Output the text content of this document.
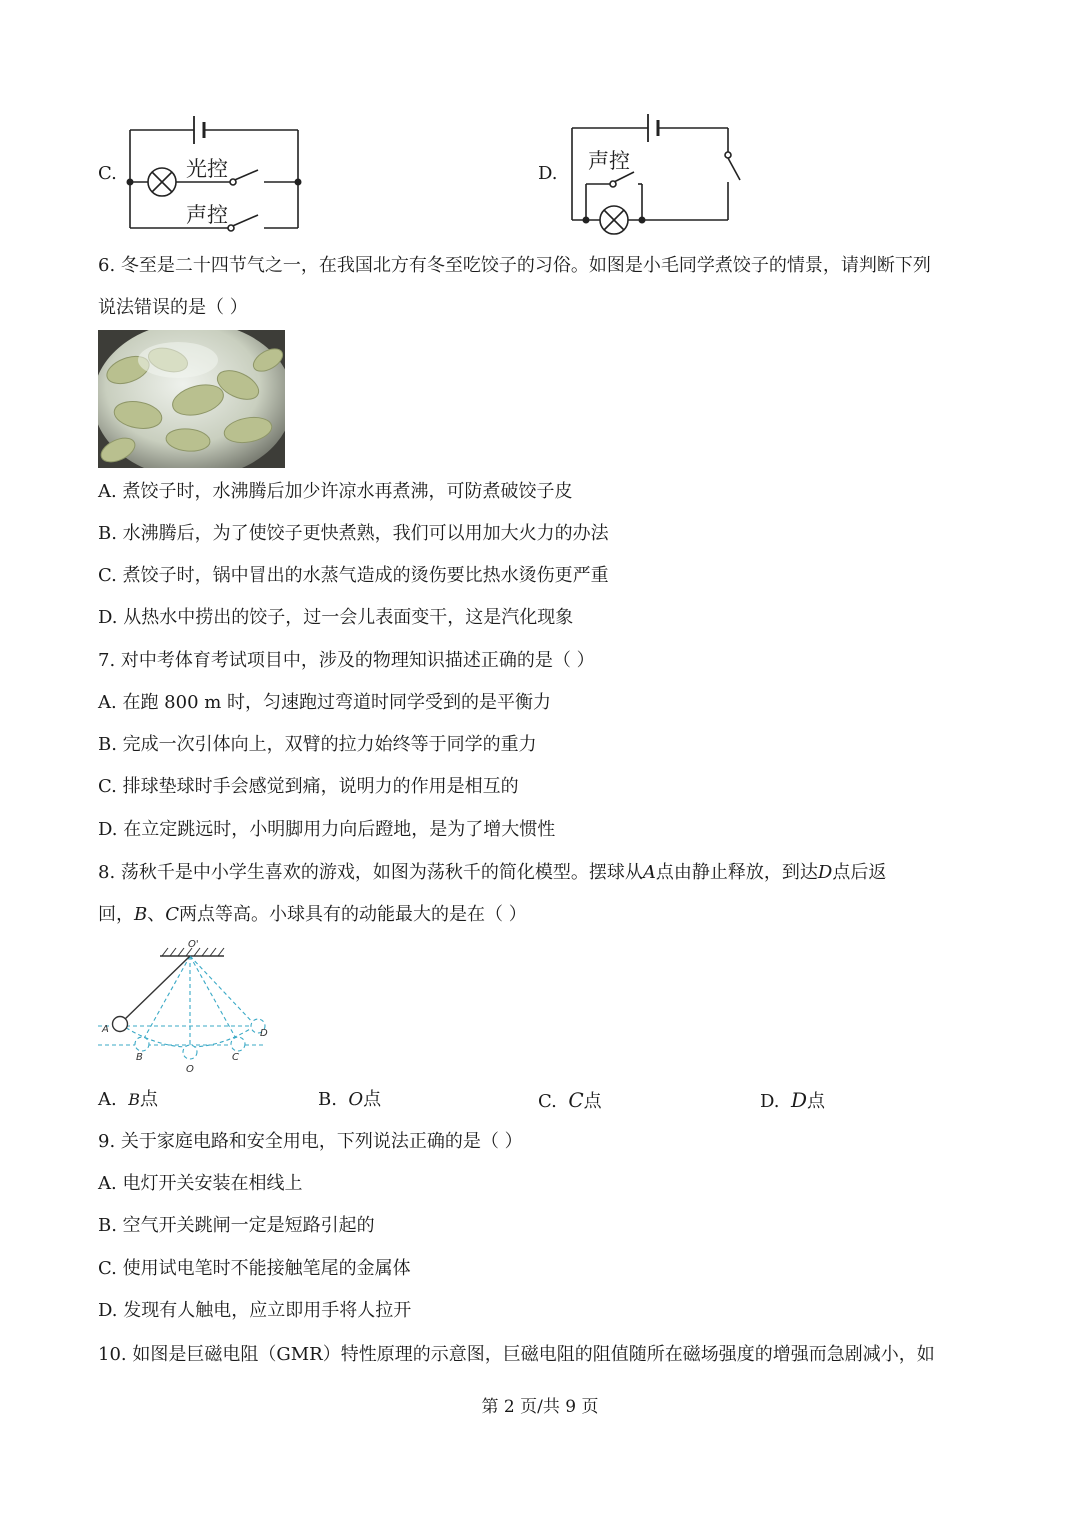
C.	光控
声控
D.
声控
6. 冬至是二十四节气之一，在我国北方有冬至吃饺子的习俗。如图是小毛同学煮饺子的情景，请判断下列
说法错误的是（ ）
A. 煮饺子时，水沸腾后加少许凉水再煮沸，可防煮破饺子皮
B. 水沸腾后，为了使饺子更快煮熟，我们可以用加大火力的办法
C. 煮饺子时，锅中冒出的水蒸气造成的烫伤要比热水烫伤更严重
D. 从热水中捞出的饺子，过一会儿表面变干，这是汽化现象
7. 对中考体育考试项目中，涉及的物理知识描述正确的是（ ）
A. 在跑 800 m 时，匀速跑过弯道时同学受到的是平衡力
B. 完成一次引体向上，双臂的拉力始终等于同学的重力
C. 排球垫球时手会感觉到痛，说明力的作用是相互的
D. 在立定跳远时，小明脚用力向后蹬地，是为了增大惯性
8. 荡秋千是中小学生喜欢的游戏，如图为荡秋千的简化模型。摆球从A点由静止释放，到达D点后返
回，B、C两点等高。小球具有的动能最大的是在（ ）
O'
A
B
O
C
D
A. B点	B. O点	C. C点	D. D点
9. 关于家庭电路和安全用电，下列说法正确的是（ ）
A. 电灯开关安装在相线上
B. 空气开关跳闸一定是短路引起的
C. 使用试电笔时不能接触笔尾的金属体
D. 发现有人触电，应立即用手将人拉开
10. 如图是巨磁电阻（GMR）特性原理的示意图，巨磁电阻的阻值随所在磁场强度的增强而急剧减小，如
第 2 页/共 9 页
